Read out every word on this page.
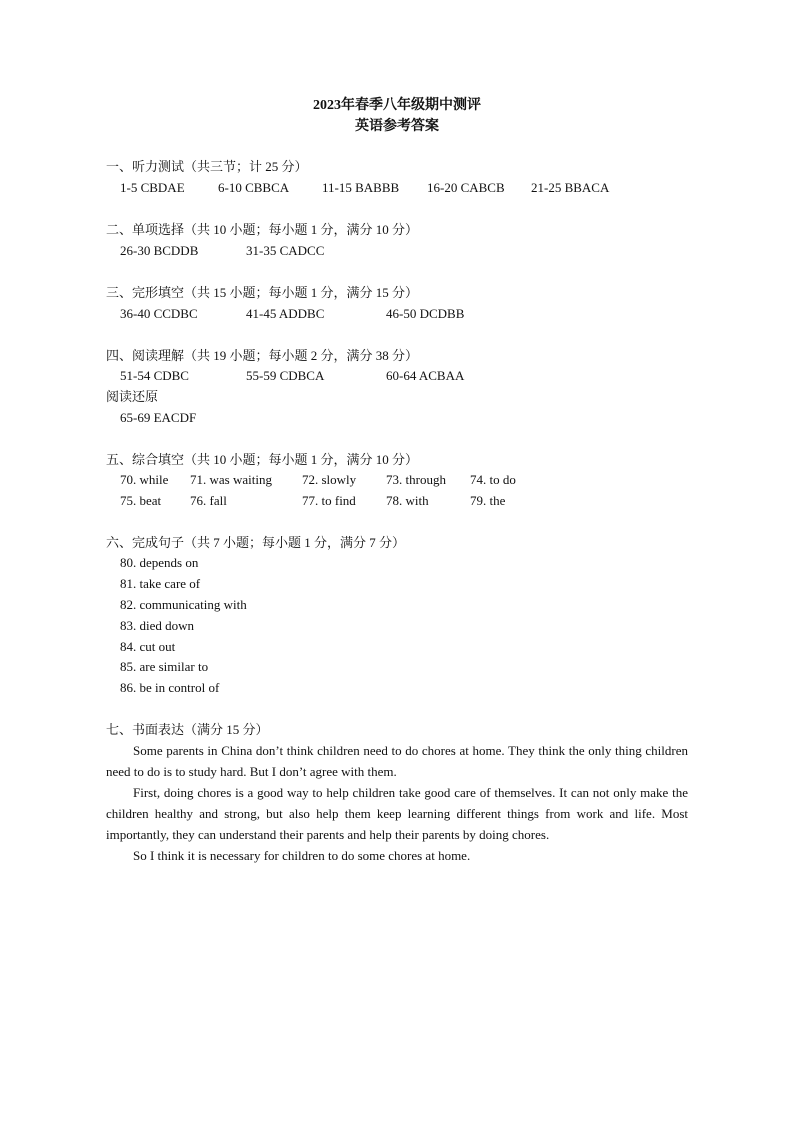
2023年春季八年级期中测评
英语参考答案
一、听力测试（共三节；计 25 分）
1-5 CBDAE	6-10 CBBCA	11-15 BABBB 16-20 CABCB 21-25 BBACA
二、单项选择（共 10 小题；每小题 1 分，满分 10 分）
26-30 BCDDB	31-35 CADCC
三、完形填空（共 15 小题；每小题 1 分，满分 15 分）
36-40 CCDBC	41-45 ADDBC	46-50 DCDBB
四、阅读理解（共 19 小题；每小题 2 分，满分 38 分）
51-54 CDBC	55-59 CDBCA	60-64 ACBAA
阅读还原
65-69 EACDF
五、综合填空（共 10 小题；每小题 1 分，满分 10 分）
70. while 71. was waiting 72. slowly 73. through 74. to do
75. beat 76. fall	77. to find 78. with	79. the
六、完成句子（共 7 小题；每小题 1 分，满分 7 分）
80. depends on
81. take care of
82. communicating with
83. died down
84. cut out
85. are similar to
86. be in control of
七、书面表达（满分 15 分）

Some parents in China don’t think children need to do chores at home. They think the only thing children need to do is to study hard. But I don’t agree with them.

First, doing chores is a good way to help children take good care of themselves. It can not only make the children healthy and strong, but also help them keep learning different things from work and life. Most importantly, they can understand their parents and help their parents by doing chores.

So I think it is necessary for children to do some chores at home.
